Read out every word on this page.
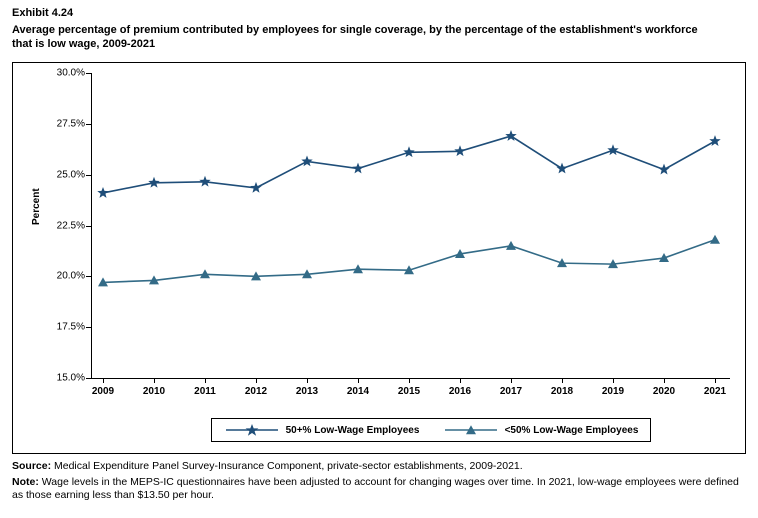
Exhibit 4.24
Average percentage of premium contributed by employees for single coverage, by the percentage of the establishment's workforce that is low wage, 2009-2021
Percent
15.0%
17.5%
20.0%
22.5%
25.0%
27.5%
30.0%
2009	2010	2011	2012	2013	2014	2015	2016	2017	2018	2019	2020	2021
50+% Low-Wage Employees	<50% Low-Wage Employees
Source: Medical Expenditure Panel Survey-Insurance Component, private-sector establishments, 2009-2021.
Note: Wage levels in the MEPS-IC questionnaires have been adjusted to account for changing wages over time. In 2021, low-wage employees were defined as those earning less than $13.50 per hour.
